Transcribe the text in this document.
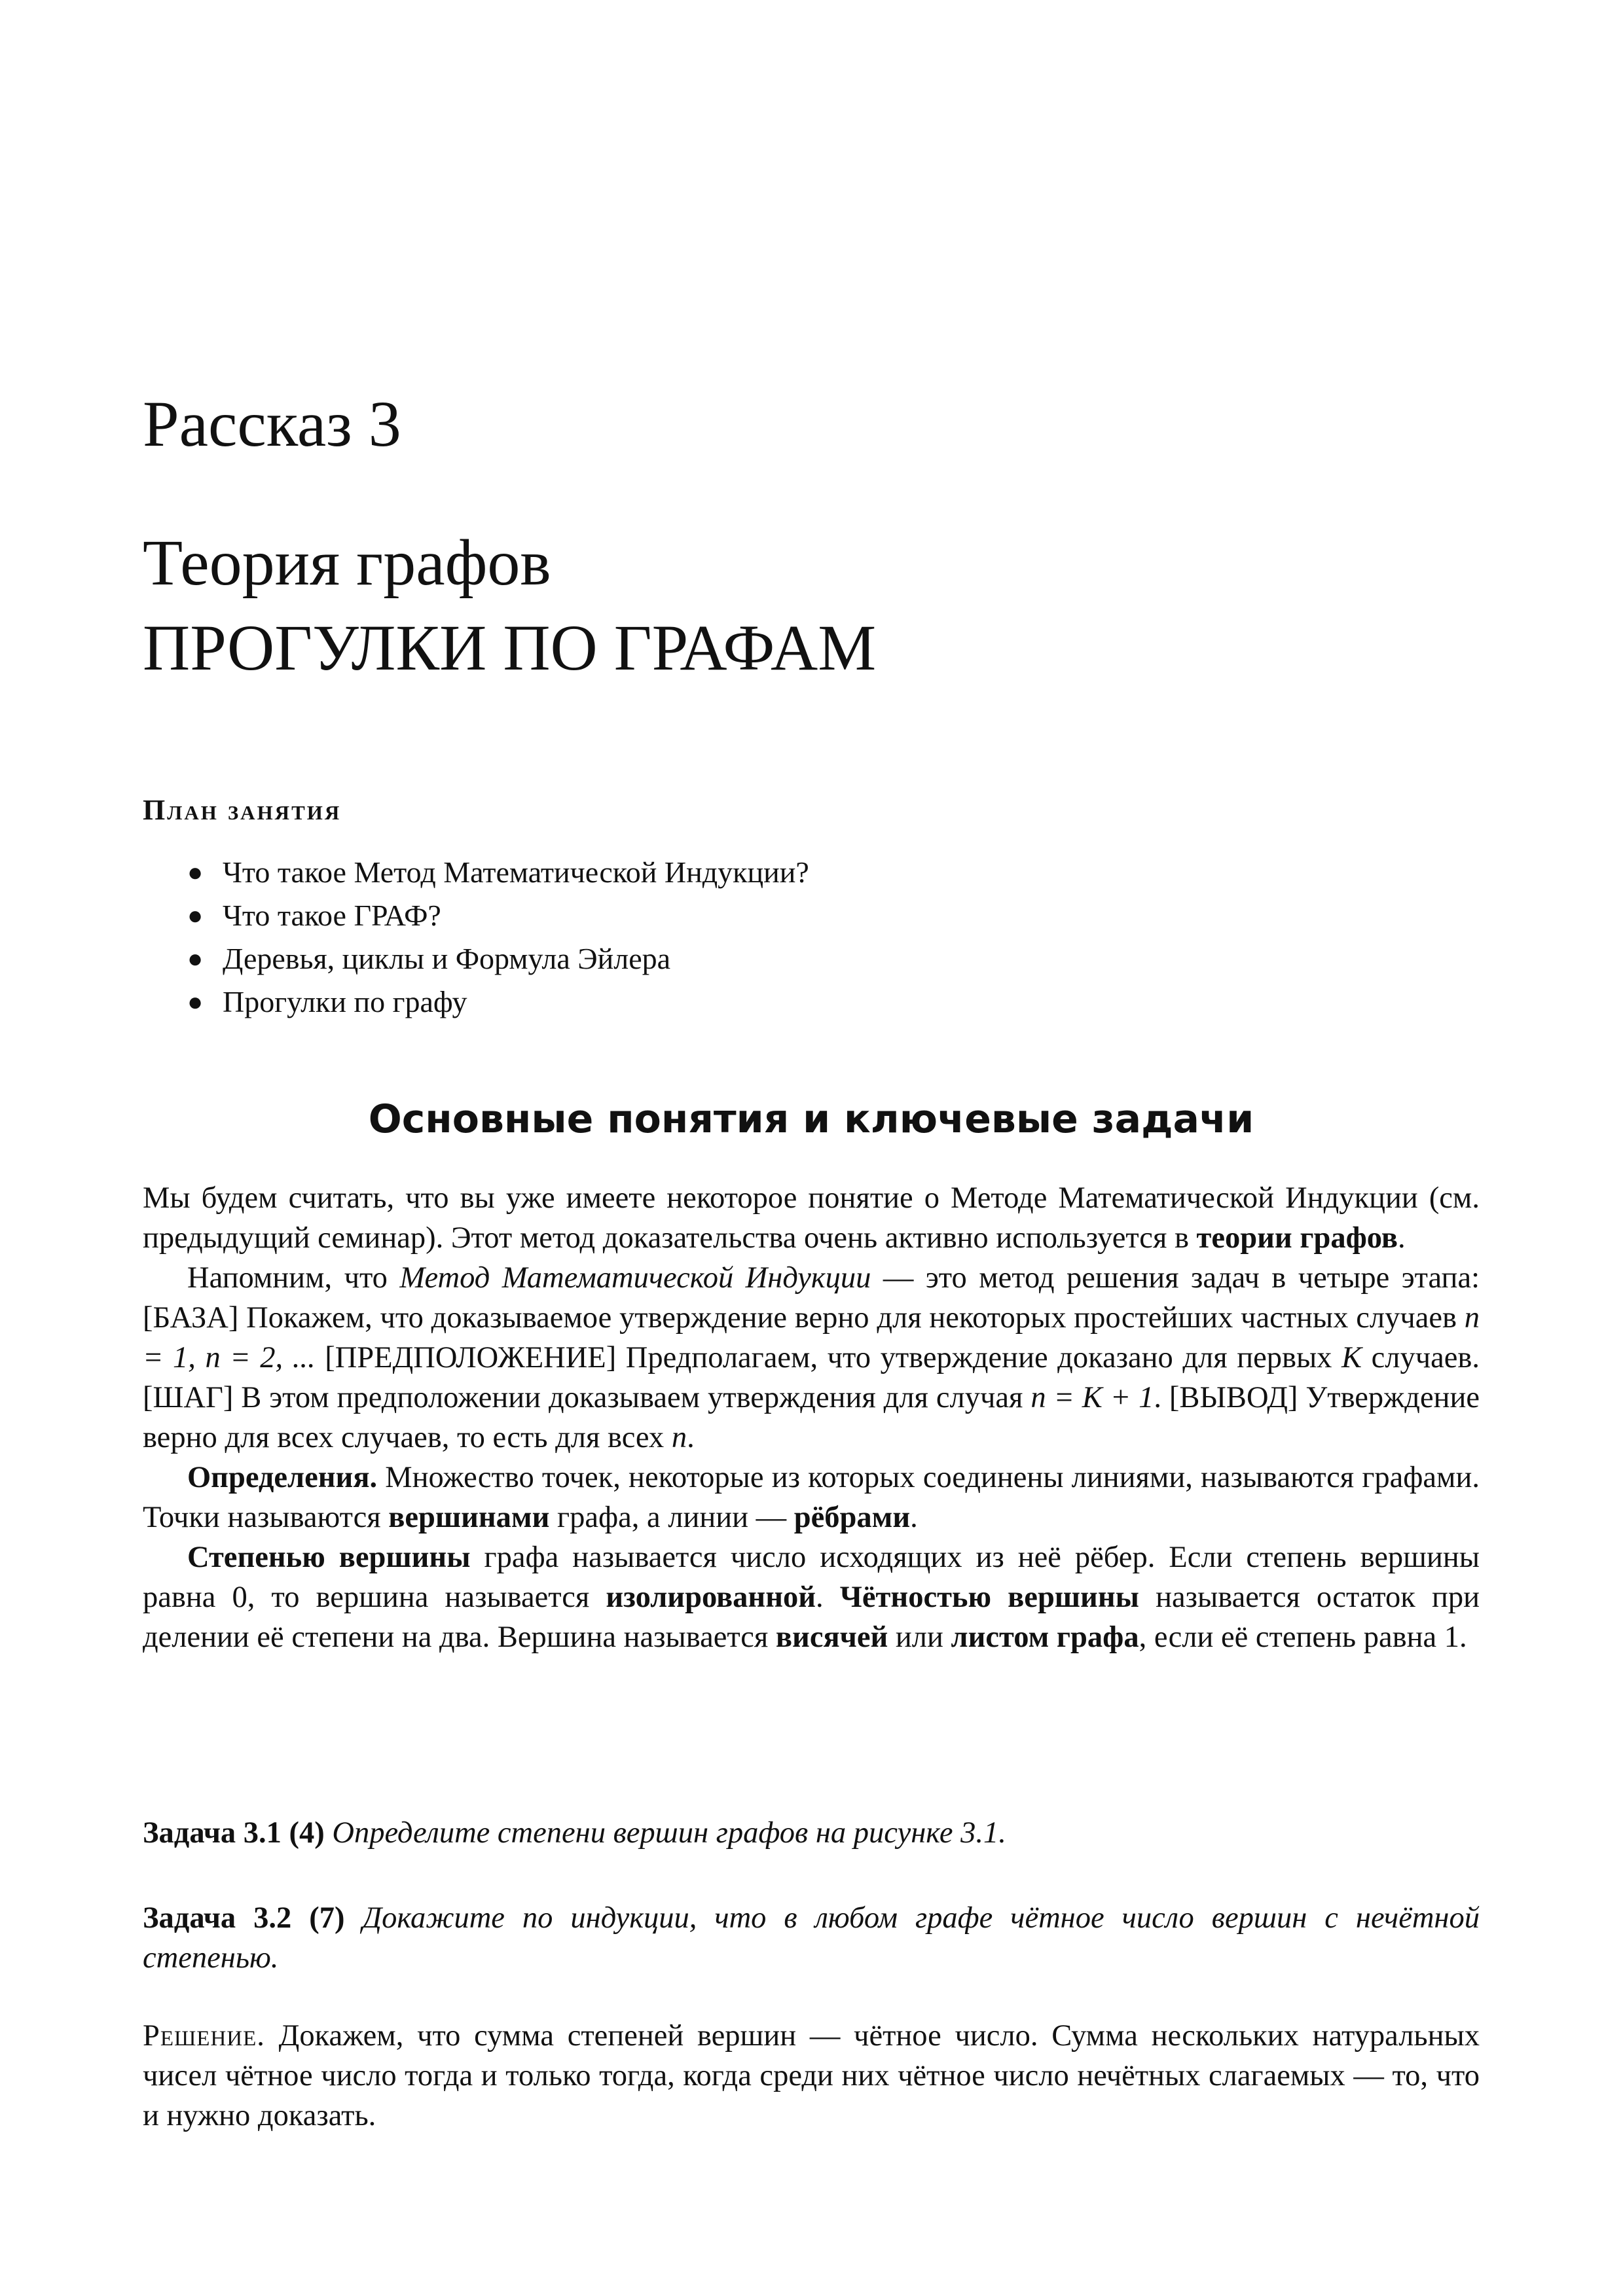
Рассказ 3
Теория графов
ПРОГУЛКИ ПО ГРАФАМ
План занятия
● Что такое Метод Математической Индукции?
● Что такое ГРАФ?
● Деревья, циклы и Формула Эйлера
● Прогулки по графу
Основные понятия и ключевые задачи

Мы будем считать, что вы уже имеете некоторое понятие о Методе Математической Индукции (см. предыдущий семинар). Этот метод доказательства очень активно используется в теории графов.

Напомним, что Метод Математической Индукции — это метод решения задач в четыре этапа: [БАЗА] Покажем, что доказываемое утверждение верно для некоторых простейших частных случаев n = 1, n = 2, ... [ПРЕДПОЛОЖЕНИЕ] Предполагаем, что утверждение доказано для первых K случаев. [ШАГ] В этом предположении доказываем утверждения для случая n = K + 1. [ВЫВОД] Утверждение верно для всех случаев, то есть для всех n.

Определения. Множество точек, некоторые из которых соединены линиями, называются графами. Точки называются вершинами графа, а линии — рёбрами.

Степенью вершины графа называется число исходящих из неё рёбер. Если степень вершины равна 0, то вершина называется изолированной. Чётностью вершины называется остаток при делении её степени на два. Вершина называется висячей или листом графа, если её степень равна 1.

Задача 3.1 (4) Определите степени вершин графов на рисунке 3.1.
Задача 3.2 (7) Докажите по индукции, что в любом графе чётное число вершин с нечётной степенью.

Решение. Докажем, что сумма степеней вершин — чётное число. Сумма нескольких натуральных чисел чётное число тогда и только тогда, когда среди них чётное число нечётных слагаемых — то, что и нужно доказать.
